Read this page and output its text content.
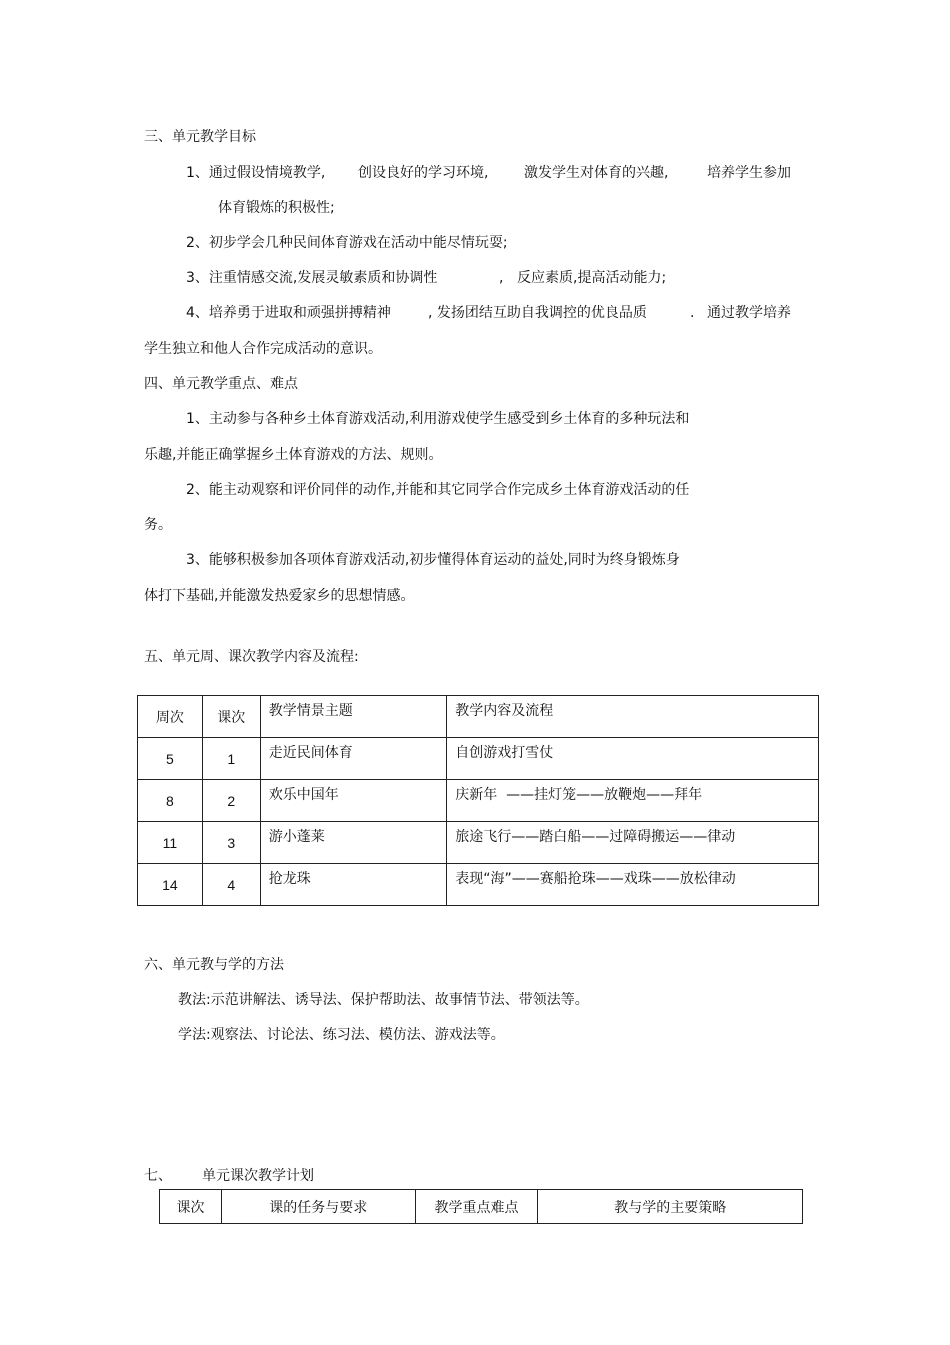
三、单元教学目标
1、通过假设情境教学, 创设良好的学习环境,	激发学生对体育的兴趣,	培养学生参加
体育锻炼的积极性;
2、初步学会几种民间体育游戏在活动中能尽情玩耍;
3、注重情感交流,发展灵敏素质和协调性	, 反应素质,提高活动能力;
4、培养勇于进取和顽强拼搏精神	, 发扬团结互助自我调控的优良品质	. 通过教学培养
学生独立和他人合作完成活动的意识。
四、单元教学重点、难点
1、主动参与各种乡土体育游戏活动,利用游戏使学生感受到乡土体育的多种玩法和
乐趣,并能正确掌握乡土体育游戏的方法、规则。
2、能主动观察和评价同伴的动作,并能和其它同学合作完成乡土体育游戏活动的任
务。
3、能够积极参加各项体育游戏活动,初步懂得体育运动的益处,同时为终身锻炼身
体打下基础,并能激发热爱家乡的思想情感。
五、单元周、课次教学内容及流程:
周次	课次	教学情景主题	教学内容及流程
5	1	走近民间体育	自创游戏打雪仗
8	2	欢乐中国年	庆新年  ——挂灯笼——放鞭炮——拜年
11	3	游小蓬莱	旅途飞行——踏白船——过障碍搬运——律动
14	4	抢龙珠	表现“海”——赛船抢珠——戏珠——放松律动
六、单元教与学的方法
教法:示范讲解法、诱导法、保护帮助法、故事情节法、带领法等。
学法:观察法、讨论法、练习法、模仿法、游戏法等。
七、 单元课次教学计划
课次	课的任务与要求	教学重点难点	教与学的主要策略
